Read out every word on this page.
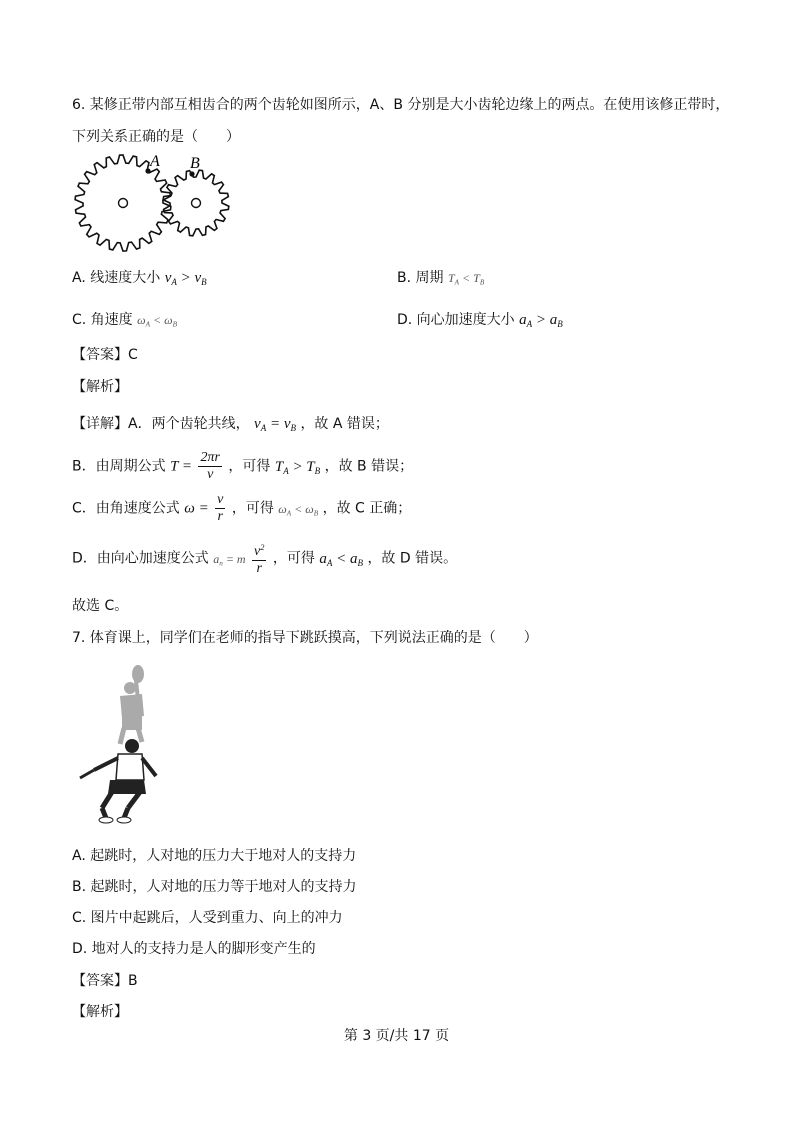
6. 某修正带内部互相齿合的两个齿轮如图所示，A、B 分别是大小齿轮边缘上的两点。在使用该修正带时，
下列关系正确的是（　　）
A B
A. 线速度大小 $v_A > v_B$	B. 周期 $T_A < T_B$
C. 角速度 $\omega_A < \omega_B$	D. 向心加速度大小 $a_A > a_B$
【答案】C
【解析】
【详解】A．两个齿轮共线， $v_A = v_B$ ，故 A 错误；
B．由周期公式 $T = \frac{2\pi r}{v}$ ，可得 $T_A > T_B$ ，故 B 错误；
C．由角速度公式 $\omega = \frac{v}{r}$ ，可得 $\omega_A < \omega_B$ ，故 C 正确；
D．由向心加速度公式 $a_n = m \frac{v^2}{r}$ ，可得 $a_A < a_B$ ，故 D 错误。
故选 C。
7. 体育课上，同学们在老师的指导下跳跃摸高，下列说法正确的是（　　）
A. 起跳时，人对地的压力大于地对人的支持力
B. 起跳时，人对地的压力等于地对人的支持力
C. 图片中起跳后，人受到重力、向上的冲力
D. 地对人的支持力是人的脚形变产生的
【答案】B
【解析】
第 3 页/共 17 页
